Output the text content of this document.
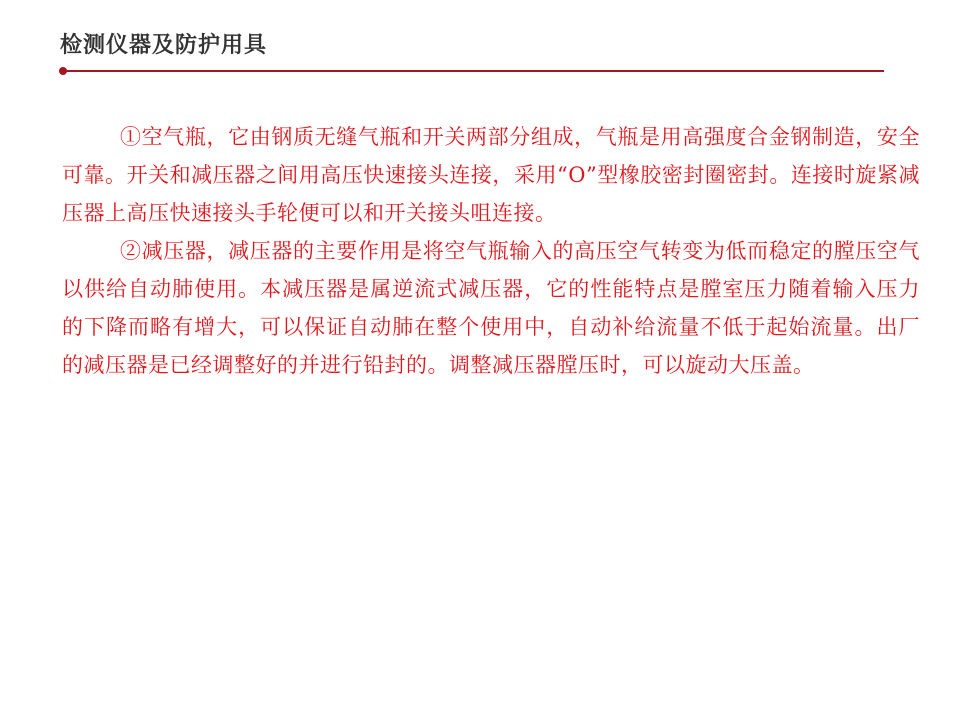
检测仪器及防护用具

①空气瓶，它由钢质无缝气瓶和开关两部分组成，气瓶是用高强度合金钢制造，安全可靠。开关和减压器之间用高压快速接头连接，采用“O”型橡胶密封圈密封。连接时旋紧减压器上高压快速接头手轮便可以和开关接头咀连接。

②减压器，减压器的主要作用是将空气瓶输入的高压空气转变为低而稳定的膛压空气以供给自动肺使用。本减压器是属逆流式减压器，它的性能特点是膛室压力随着输入压力的下降而略有增大，可以保证自动肺在整个使用中，自动补给流量不低于起始流量。出厂的减压器是已经调整好的并进行铅封的。调整减压器膛压时，可以旋动大压盖。
